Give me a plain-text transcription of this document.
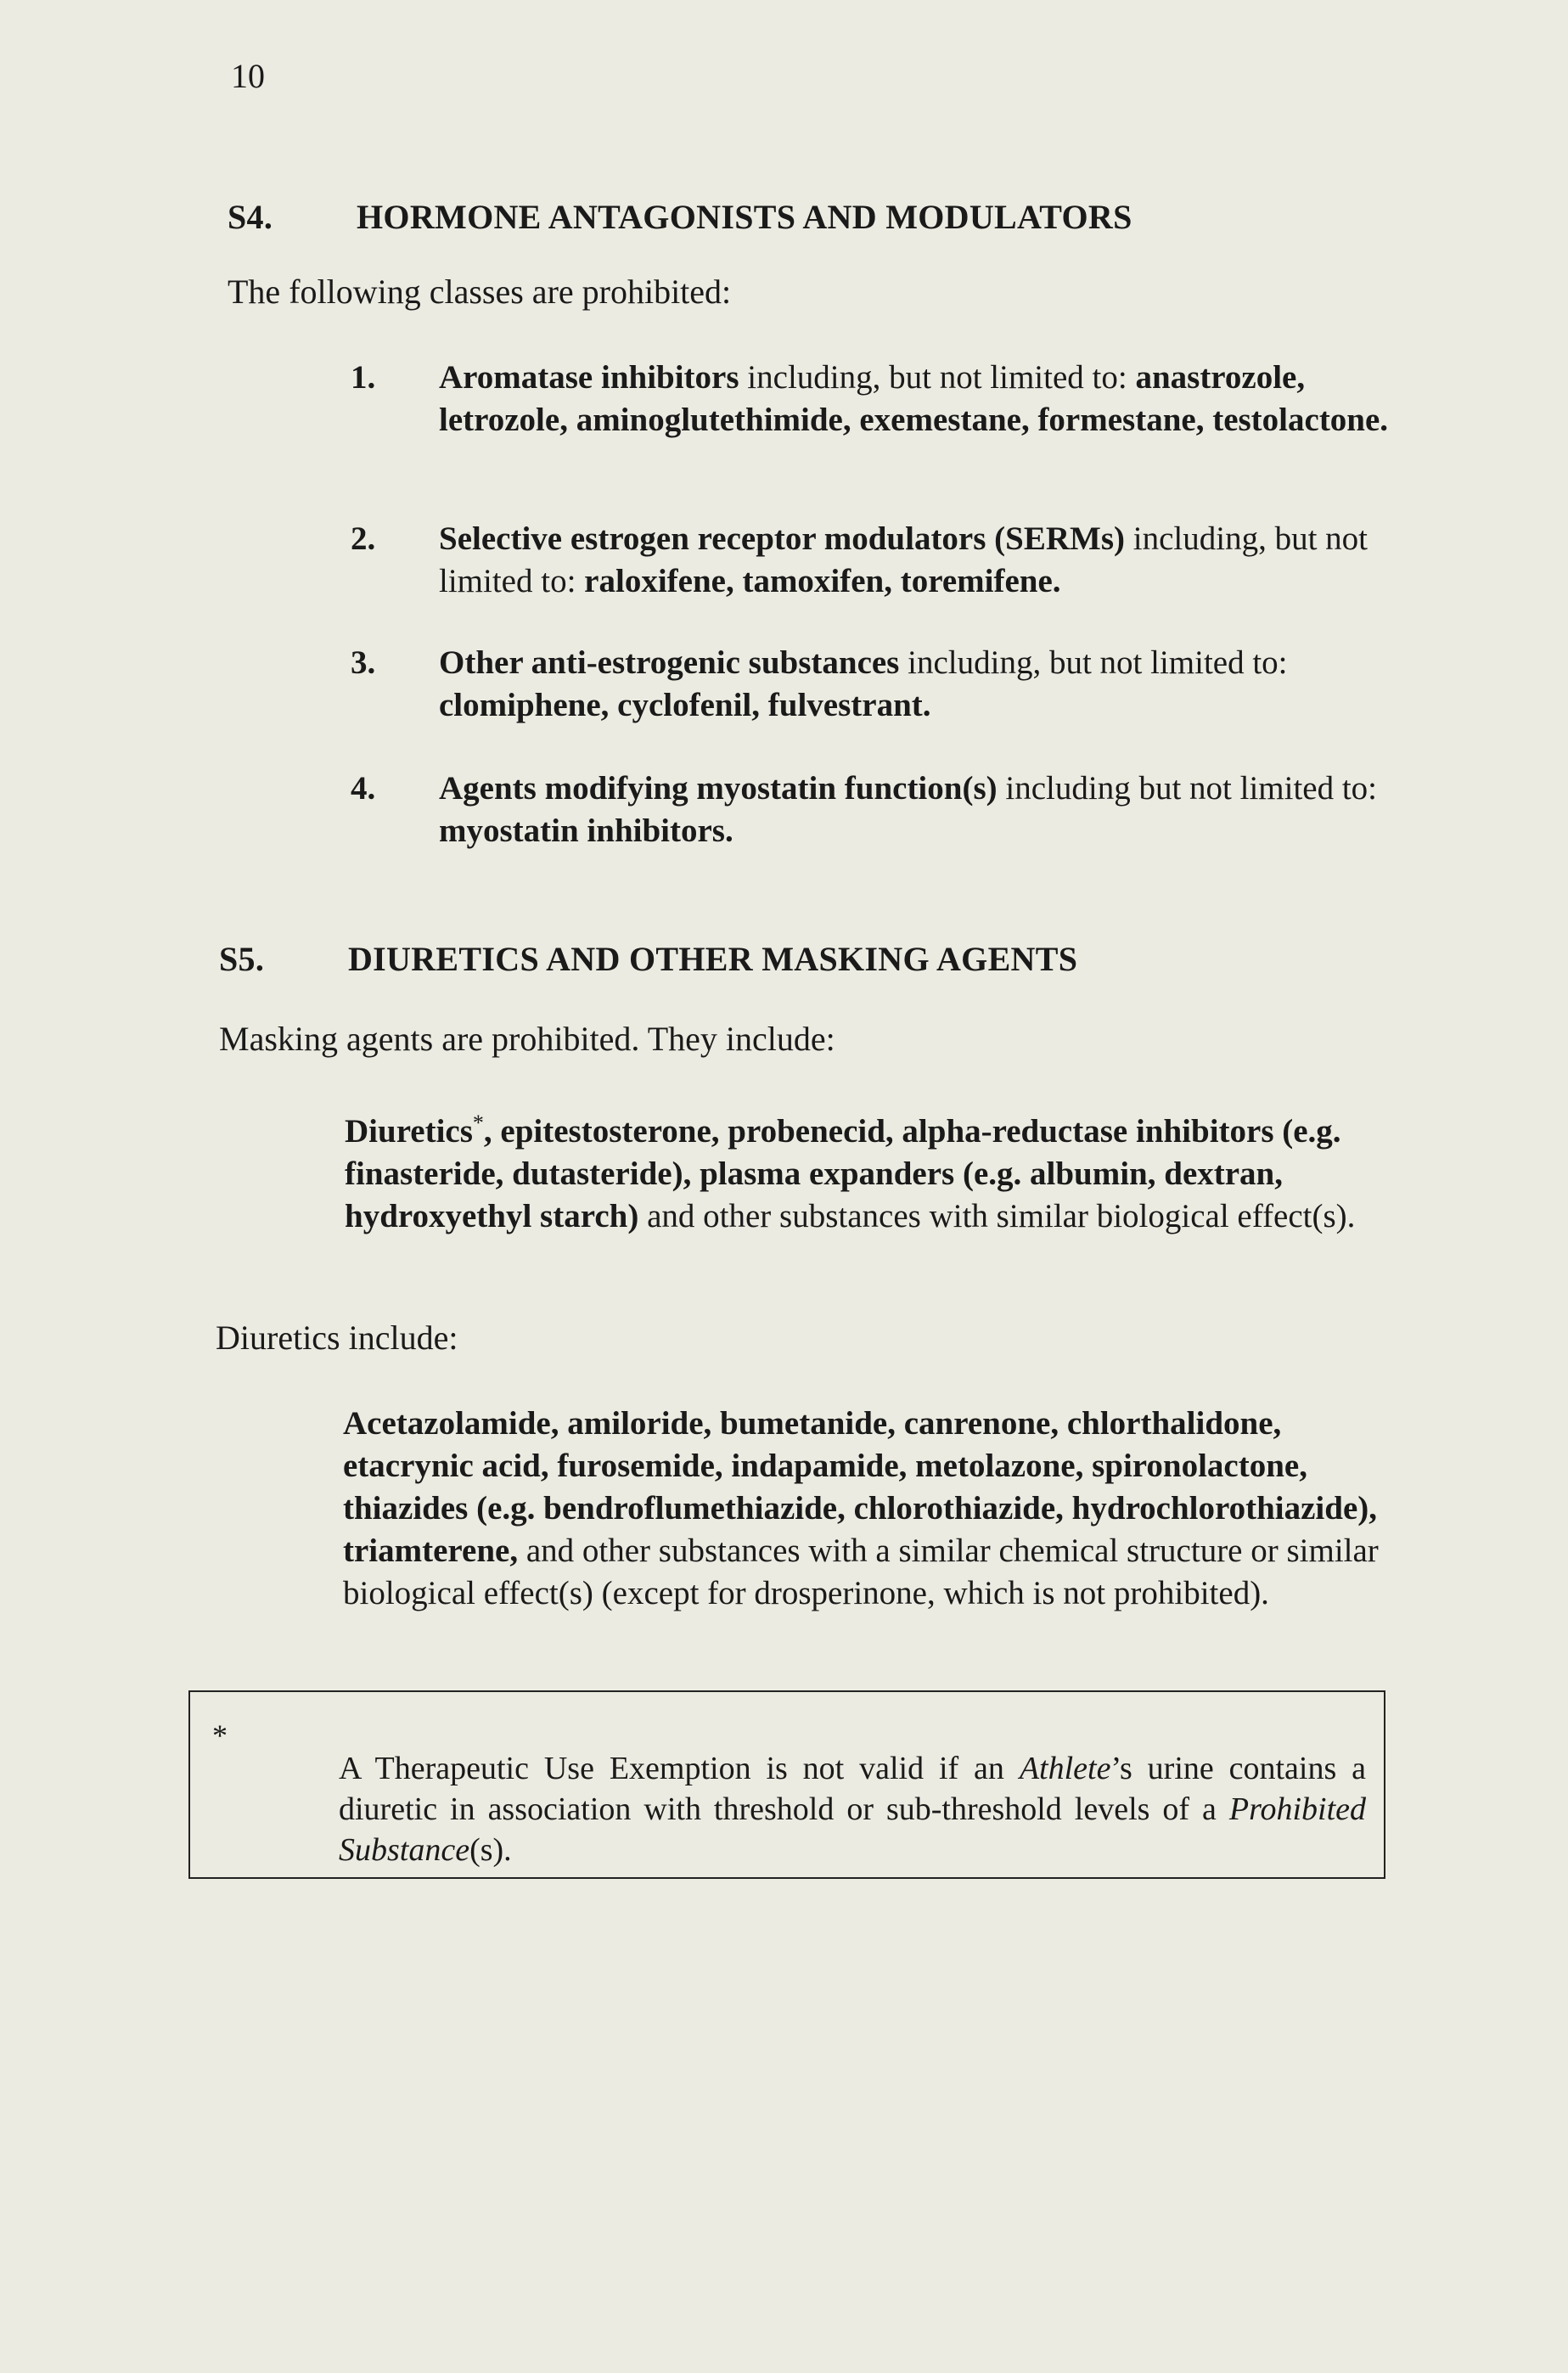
10
S4.	HORMONE ANTAGONISTS AND MODULATORS
The following classes are prohibited:
1.	Aromatase inhibitors including, but not limited to: anastrozole, letrozole, aminoglutethimide, exemestane, formestane, testolactone.
2.	Selective estrogen receptor modulators (SERMs) including, but not limited to: raloxifene, tamoxifen, toremifene.
3.	Other anti-estrogenic substances including, but not limited to: clomiphene, cyclofenil, fulvestrant.
4.	Agents modifying myostatin function(s) including but not limited to: myostatin inhibitors.
S5.	DIURETICS AND OTHER MASKING AGENTS
Masking agents are prohibited. They include:
Diuretics*, epitestosterone, probenecid, alpha-reductase inhibitors (e.g. finasteride, dutasteride), plasma expanders (e.g. albumin, dextran, hydroxyethyl starch) and other substances with similar biological effect(s).
Diuretics include:
Acetazolamide, amiloride, bumetanide, canrenone, chlorthalidone, etacrynic acid, furosemide, indapamide, metolazone, spironolactone, thiazides (e.g. bendroflumethiazide, chlorothiazide, hydrochlorothiazide), triamterene, and other substances with a similar chemical structure or similar biological effect(s) (except for drosperinone, which is not prohibited).
*
A Therapeutic Use Exemption is not valid if an Athlete’s urine contains a diuretic in association with threshold or sub-threshold levels of a Prohibited Substance(s).
